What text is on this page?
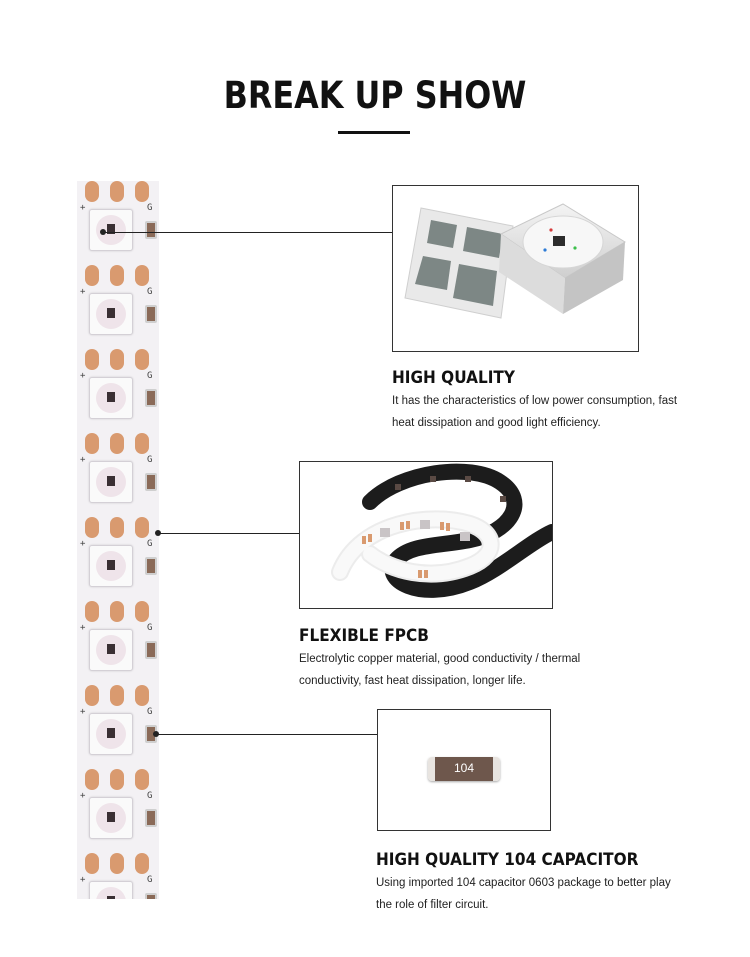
BREAK UP SHOW
+	G
+	G
+	G
+	G
+	G
+	G
+	G
+	G
+	G
HIGH QUALITY

It has the characteristics of low power consumption, fast
heat dissipation and good light efficiency.

FLEXIBLE FPCB

Electrolytic copper material, good conductivity / thermal
conductivity, fast heat dissipation, longer life.

104
HIGH QUALITY 104 CAPACITOR

Using imported 104 capacitor 0603 package to better play
the role of filter circuit.
